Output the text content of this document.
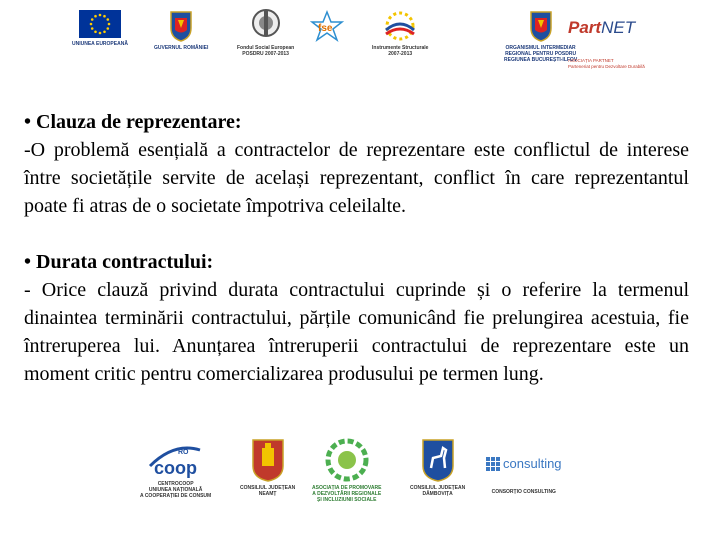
UNIUNEA EUROPEANĂ
GUVERNUL ROMÂNIEI	Fondul Social European
POSDRU 2007-2013
fse
Instrumente Structurale
2007-2013
ORGANISMUL INTERMEDIAR
REGIONAL PENTRU POSDRU
REGIUNEA BUCUREȘTI-ILFOV
PartNET
ASOCIAȚIA PARTNET
Parteneriat pentru Dezvoltare Durabilă

• Clauza de reprezentare:

-O problemă esențială a contractelor de reprezentare este conflictul de interese între societățile servite de același reprezentant, conflict în care reprezentantul poate fi atras de o societate împotriva celeilalte.

• Durata contractului:

- Orice clauză privind durata contractului cuprinde și o referire la termenul dinaintea terminării contractului, părțile comunicând fie prelungirea acestuia, fie întreruperea lui. Anunțarea întreruperii contractului de reprezentare este un moment critic pentru comercializarea produsului pe termen lung.

coop
RO
CENTROCOOP
UNIUNEA NAȚIONALĂ
A COOPERAȚIEI DE CONSUM
CONSILIUL JUDEȚEAN
NEAMȚ
ASOCIAȚIA DE PROMOVARE
A DEZVOLTĂRII REGIONALE
ȘI INCLUZIUNII SOCIALE
CONSILIUL JUDEȚEAN
DÂMBOVIȚA
consulting
CONSORȚIO CONSULTING
